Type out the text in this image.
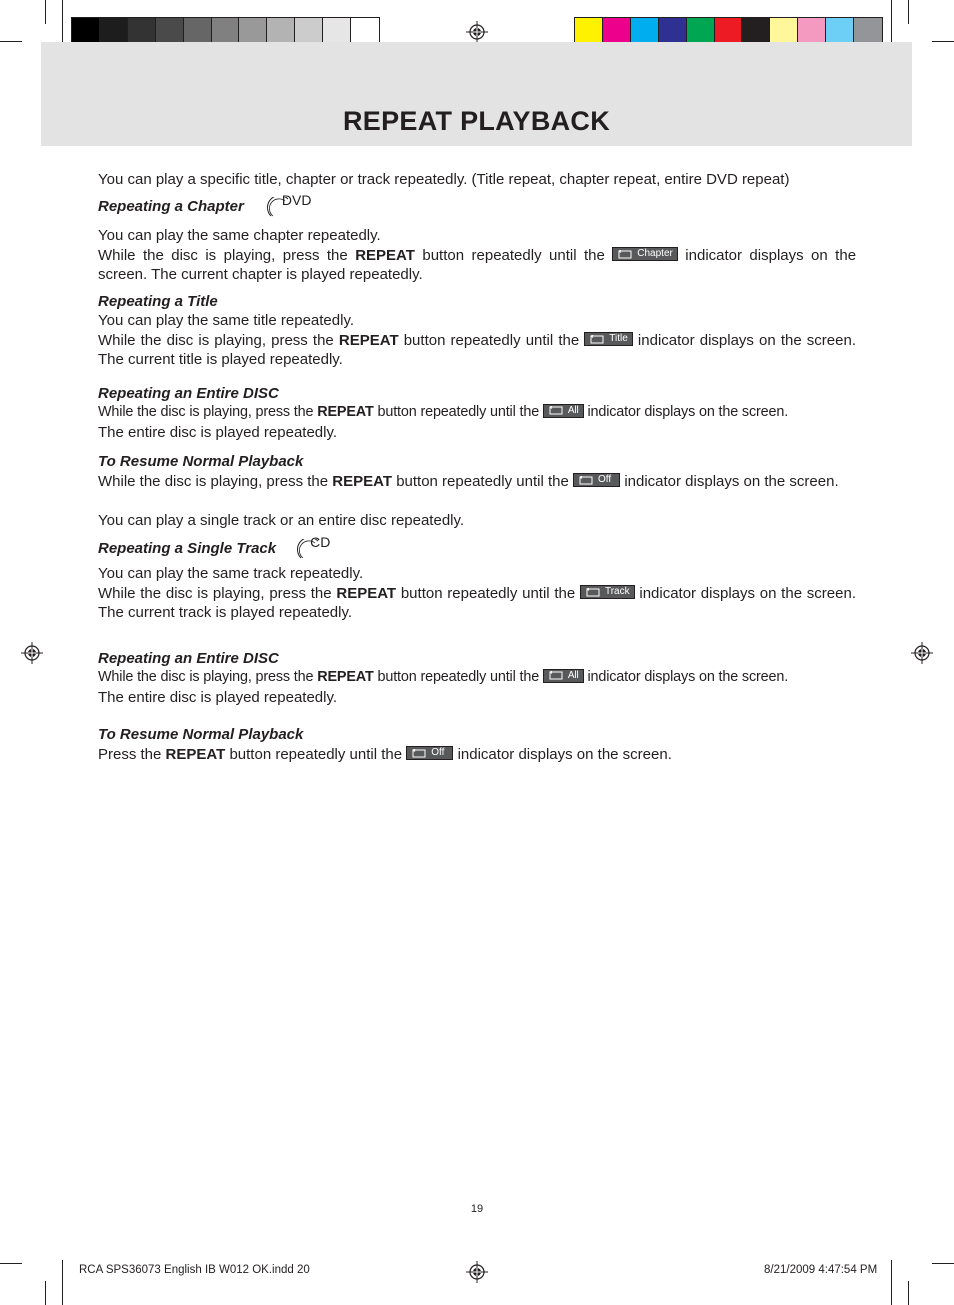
REPEAT PLAYBACK

You can play a specific title, chapter or track repeatedly. (Title repeat, chapter repeat, entire DVD repeat)

Repeating a Chapter	DVD

You can play the same chapter repeatedly.

While the disc is playing, press the REPEAT button repeatedly until the	Chapter indicator displays on the screen. The current chapter is played repeatedly.

Repeating a Title

You can play the same title repeatedly.

While the disc is playing, press the REPEAT button repeatedly until the	Title indicator displays on the screen. The current title is played repeatedly.

Repeating an Entire DISC

While the disc is playing, press the REPEAT button repeatedly until the	All indicator displays on the screen.

The entire disc is played repeatedly.

To Resume Normal Playback

While the disc is playing, press the REPEAT button repeatedly until the	Off indicator displays on the screen.

You can play a single track or an entire disc repeatedly.

Repeating a Single Track CD

You can play the same track repeatedly.

While the disc is playing, press the REPEAT button repeatedly until the	Track indicator displays on the screen. The current track is played repeatedly.

Repeating an Entire DISC

While the disc is playing, press the REPEAT button repeatedly until the	All indicator displays on the screen.

The entire disc is played repeatedly.

To Resume Normal Playback

Press the REPEAT button repeatedly until the	Off indicator displays on the screen.

19
RCA SPS36073 English IB W012 OK.indd 20	8/21/2009 4:47:54 PM
